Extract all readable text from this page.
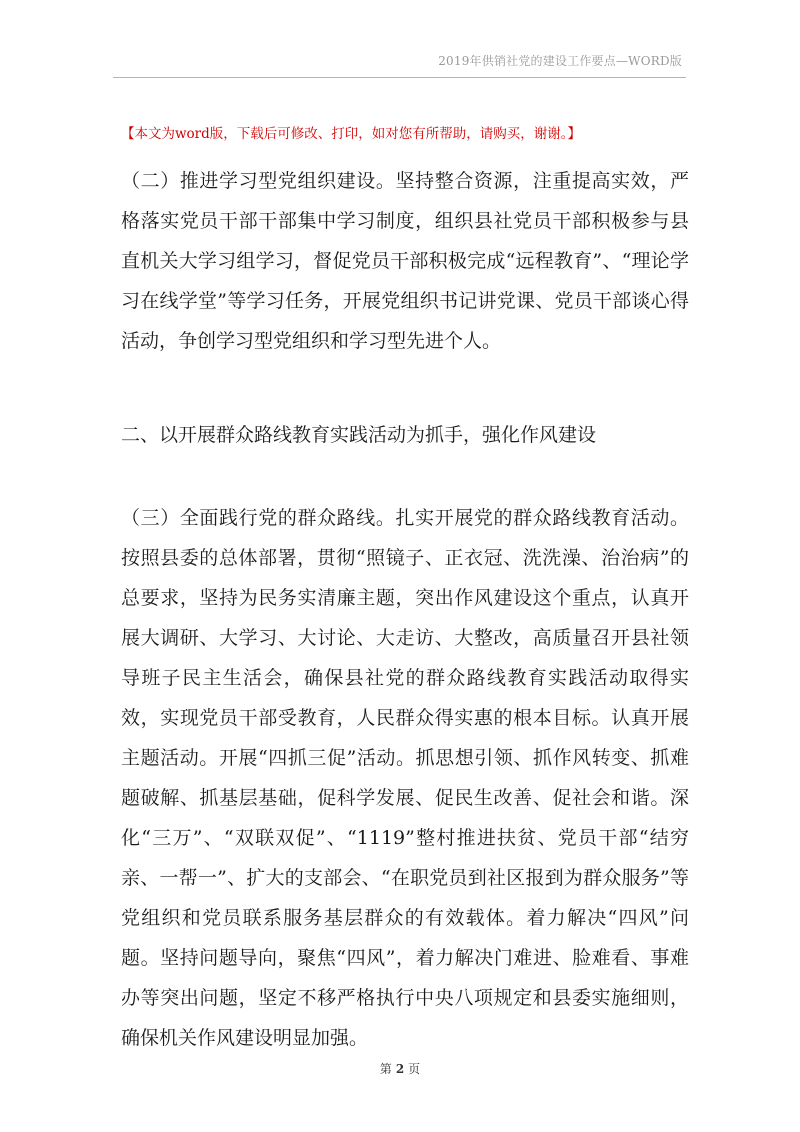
2019年供销社党的建设工作要点—WORD版
【本文为word版，下载后可修改、打印，如对您有所帮助，请购买，谢谢。】

（二）推进学习型党组织建设。坚持整合资源，注重提高实效，严格落实党员干部干部集中学习制度，组织县社党员干部积极参与县直机关大学习组学习，督促党员干部积极完成“远程教育”、“理论学习在线学堂”等学习任务，开展党组织书记讲党课、党员干部谈心得活动，争创学习型党组织和学习型先进个人。

二、以开展群众路线教育实践活动为抓手，强化作风建设

（三）全面践行党的群众路线。扎实开展党的群众路线教育活动。按照县委的总体部署，贯彻“照镜子、正衣冠、洗洗澡、治治病”的总要求，坚持为民务实清廉主题，突出作风建设这个重点，认真开展大调研、大学习、大讨论、大走访、大整改，高质量召开县社领导班子民主生活会，确保县社党的群众路线教育实践活动取得实效，实现党员干部受教育，人民群众得实惠的根本目标。认真开展主题活动。开展“四抓三促”活动。抓思想引领、抓作风转变、抓难题破解、抓基层基础，促科学发展、促民生改善、促社会和谐。深化“三万”、“双联双促”、“1119”整村推进扶贫、党员干部“结穷亲、一帮一”、扩大的支部会、“在职党员到社区报到为群众服务”等党组织和党员联系服务基层群众的有效载体。着力解决“四风”问题。坚持问题导向，聚焦“四风”，着力解决门难进、脸难看、事难办等突出问题，坚定不移严格执行中央八项规定和县委实施细则，确保机关作风建设明显加强。

第 2 页
